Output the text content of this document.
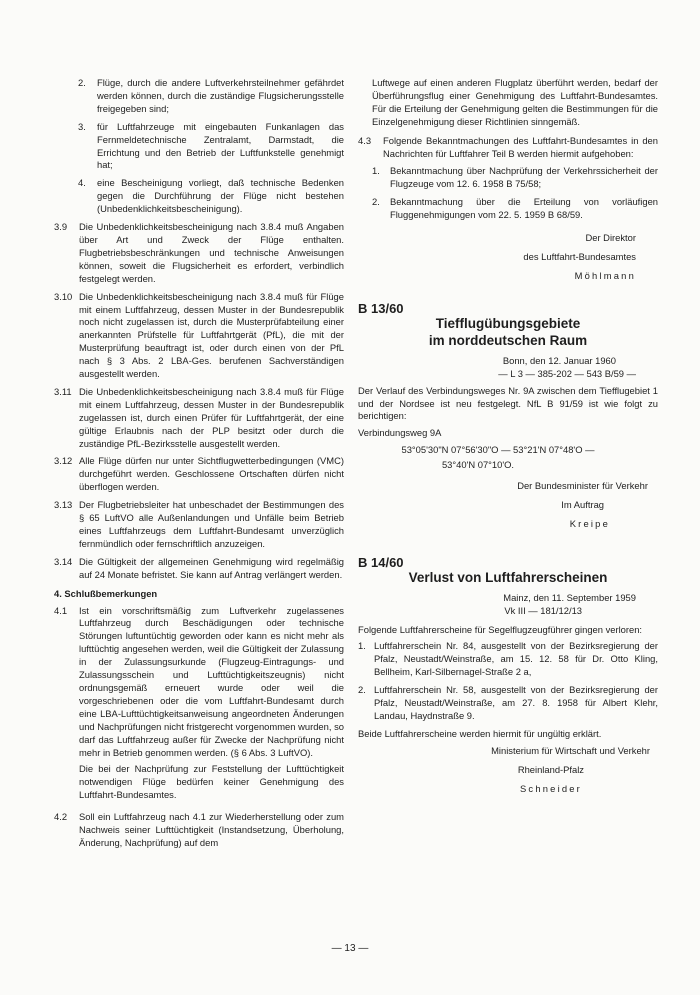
2.	Flüge, durch die andere Luftverkehrsteilnehmer gefährdet werden können, durch die zuständige Flugsicherungsstelle freigegeben sind;
3.	für Luftfahrzeuge mit eingebauten Funkanlagen das Fernmeldetechnische Zentralamt, Darmstadt, die Errichtung und den Betrieb der Luftfunkstelle genehmigt hat;
4.	eine Bescheinigung vorliegt, daß technische Bedenken gegen die Durchführung der Flüge nicht bestehen (Unbedenklichkeitsbescheinigung).
3.9	Die Unbedenklichkeitsbescheinigung nach 3.8.4 muß Angaben über Art und Zweck der Flüge enthalten. Flugbetriebsbeschränkungen und technische Anweisungen können, soweit die Flugsicherheit es erfordert, verbindlich festgelegt werden.
3.10 Die Unbedenklichkeitsbescheinigung nach 3.8.4 muß für Flüge mit einem Luftfahrzeug, dessen Muster in der Bundesrepublik noch nicht zugelassen ist, durch die Musterprüfabteilung einer anerkannten Prüfstelle für Luftfahrtgerät (PfL), die mit der Musterprüfung beauftragt ist, oder durch einen von der PfL nach § 3 Abs. 2 LBA-Ges. berufenen Sachverständigen ausgestellt werden.
3.11 Die Unbedenklichkeitsbescheinigung nach 3.8.4 muß für Flüge mit einem Luftfahrzeug, dessen Muster in der Bundesrepublik zugelassen ist, durch einen Prüfer für Luftfahrtgerät, der eine gültige Erlaubnis nach der PLP besitzt oder durch die zuständige PfL-Bezirksstelle ausgestellt werden.
3.12 Alle Flüge dürfen nur unter Sichtflugwetterbedingungen (VMC) durchgeführt werden. Geschlossene Ortschaften dürfen nicht überflogen werden.
3.13 Der Flugbetriebsleiter hat unbeschadet der Bestimmungen des § 65 LuftVO alle Außenlandungen und Unfälle beim Betrieb eines Luftfahrzeugs dem Luftfahrt-Bundesamt unverzüglich fernmündlich oder fernschriftlich anzuzeigen.
3.14 Die Gültigkeit der allgemeinen Genehmigung wird regelmäßig auf 24 Monate befristet. Sie kann auf Antrag verlängert werden.

4. Schlußbemerkungen

4.1	Ist ein vorschriftsmäßig zum Luftverkehr zugelassenes Luftfahrzeug durch Beschädigungen oder technische Störungen luftuntüchtig geworden oder kann es nicht mehr als lufttüchtig angesehen werden, weil die Gültigkeit der Zulassung in der Zulassungsurkunde (Flugzeug-Eintragungs- und Zulassungsschein und Lufttüchtigkeitszeugnis) nicht ordnungsgemäß erneuert wurde oder weil die vorgeschriebenen oder die vom Luftfahrt-Bundesamt durch eine LBA-Lufttüchtigkeitsanweisung angeordneten Änderungen und Nachprüfungen nicht fristgerecht vorgenommen wurden, so darf das Luftfahrzeug außer für Zwecke der Nachprüfung nicht mehr in Betrieb genommen werden. (§ 6 Abs. 3 LuftVO).

Die bei der Nachprüfung zur Feststellung der Lufttüchtigkeit notwendigen Flüge bedürfen keiner Genehmigung des Luftfahrt-Bundesamtes.

4.2	Soll ein Luftfahrzeug nach 4.1 zur Wiederherstellung oder zum Nachweis seiner Lufttüchtigkeit (Instandsetzung, Überholung, Änderung, Nachprüfung) auf dem

Luftwege auf einen anderen Flugplatz überführt werden, bedarf der Überführungsflug einer Genehmigung des Luftfahrt-Bundesamtes. Für die Erteilung der Genehmigung gelten die Bestimmungen für die Einzelgenehmigung dieser Richtlinien sinngemäß.

4.3	Folgende Bekanntmachungen des Luftfahrt-Bundesamtes in den Nachrichten für Luftfahrer Teil B werden hiermit aufgehoben:
1.	Bekanntmachung über Nachprüfung der Verkehrssicherheit der Flugzeuge vom 12. 6. 1958 B 75/58;
2.	Bekanntmachung über die Erteilung von vorläufigen Fluggenehmigungen vom 22. 5. 1959 B 68/59.

Der Direktor

des Luftfahrt-Bundesamtes

Möhlmann

B 13/60

Tiefflugübungsgebiete

im norddeutschen Raum

Bonn, den 12. Januar 1960

— L 3 — 385-202 — 543 B/59 —

Der Verlauf des Verbindungsweges Nr. 9A zwischen dem Tiefflugebiet 1 und der Nordsee ist neu festgelegt. NfL B 91/59 ist wie folgt zu berichtigen:

Verbindungsweg 9A

53°05'30"N 07°56'30"O — 53°21'N 07°48'O —

53°40'N 07°10'O.

Der Bundesminister für Verkehr

Im Auftrag

Kreipe

B 14/60

Verlust von Luftfahrerscheinen

Mainz, den 11. September 1959

Vk III — 181/12/13

Folgende Luftfahrerscheine für Segelflugzeugführer gingen verloren:

1. Luftfahrerschein Nr. 84, ausgestellt von der Bezirksregierung der Pfalz, Neustadt/Weinstraße, am 15. 12. 58 für Dr. Otto Kling, Bellheim, Karl-Silbernagel-Straße 2 a,
2. Luftfahrerschein Nr. 58, ausgestellt von der Bezirksregierung der Pfalz, Neustadt/Weinstraße, am 27. 8. 1958 für Albert Klehr, Landau, Haydnstraße 9.

Beide Luftfahrerscheine werden hiermit für ungültig erklärt.

Ministerium für Wirtschaft und Verkehr

Rheinland-Pfalz

Schneider

— 13 —
